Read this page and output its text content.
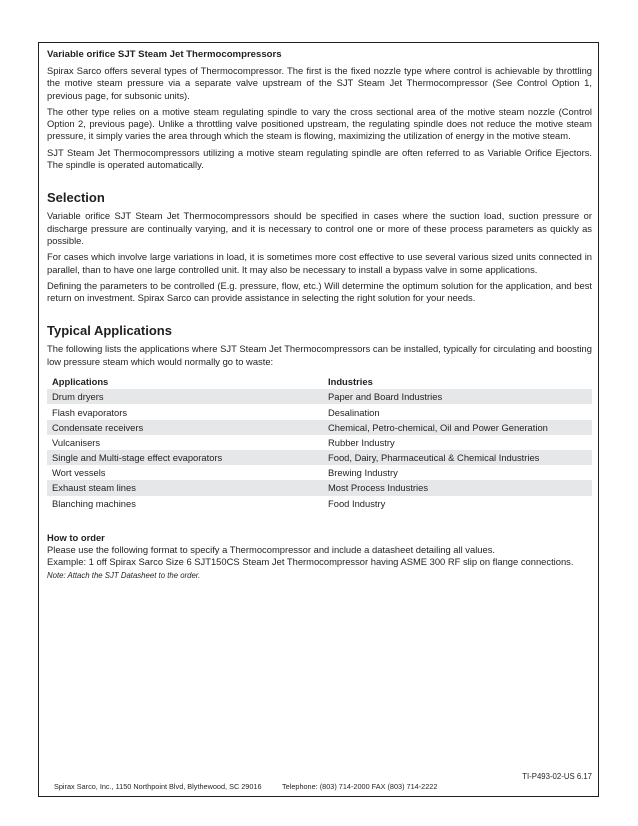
Variable orifice SJT Steam Jet Thermocompressors

Spirax Sarco offers several types of Thermocompressor. The first is the fixed nozzle type where control is achievable by throttling the motive steam pressure via a separate valve upstream of the SJT Steam Jet Thermocompressor (See Control Option 1, previous page, for subsonic units).

The other type relies on a motive steam regulating spindle to vary the cross sectional area of the motive steam nozzle (Control Option 2, previous page). Unlike a throttling valve positioned upstream, the regulating spindle does not reduce the motive steam pressure, it simply varies the area through which the steam is flowing, maximizing the utilization of energy in the motive steam.

SJT Steam Jet Thermocompressors utilizing a motive steam regulating spindle are often referred to as Variable Orifice Ejectors. The spindle is operated automatically.

Selection

Variable orifice SJT Steam Jet Thermocompressors should be specified in cases where the suction load, suction pressure or discharge pressure are continually varying, and it is necessary to control one or more of these process parameters as quickly as possible.

For cases which involve large variations in load, it is sometimes more cost effective to use several various sized units connected in parallel, than to have one large controlled unit. It may also be necessary to install a bypass valve in some applications.

Defining the parameters to be controlled (E.g. pressure, flow, etc.) Will determine the optimum solution for the application, and best return on investment. Spirax Sarco can provide assistance in selecting the right solution for your needs.

Typical Applications

The following lists the applications where SJT Steam Jet Thermocompressors can be installed, typically for circulating and boosting low pressure steam which would normally go to waste:

Applications	Industries
Drum dryers	Paper and Board Industries
Flash evaporators	Desalination
Condensate receivers	Chemical, Petro-chemical, Oil and Power Generation
Vulcanisers	Rubber Industry
Single and Multi-stage effect evaporators	Food, Dairy, Pharmaceutical & Chemical Industries
Wort vessels	Brewing Industry
Exhaust steam lines	Most Process Industries
Blanching machines	Food Industry
How to order
Please use the following format to specify a Thermocompressor and include a datasheet detailing all values.
Example: 1 off Spirax Sarco Size 6 SJT150CS Steam Jet Thermocompressor having ASME 300 RF slip on flange connections.
Note: Attach the SJT Datasheet to the order.
TI-P493-02-US 6.17
Spirax Sarco, Inc., 1150 Northpoint Blvd, Blythewood, SC 29016	Telephone: (803) 714-2000 FAX (803) 714-2222
